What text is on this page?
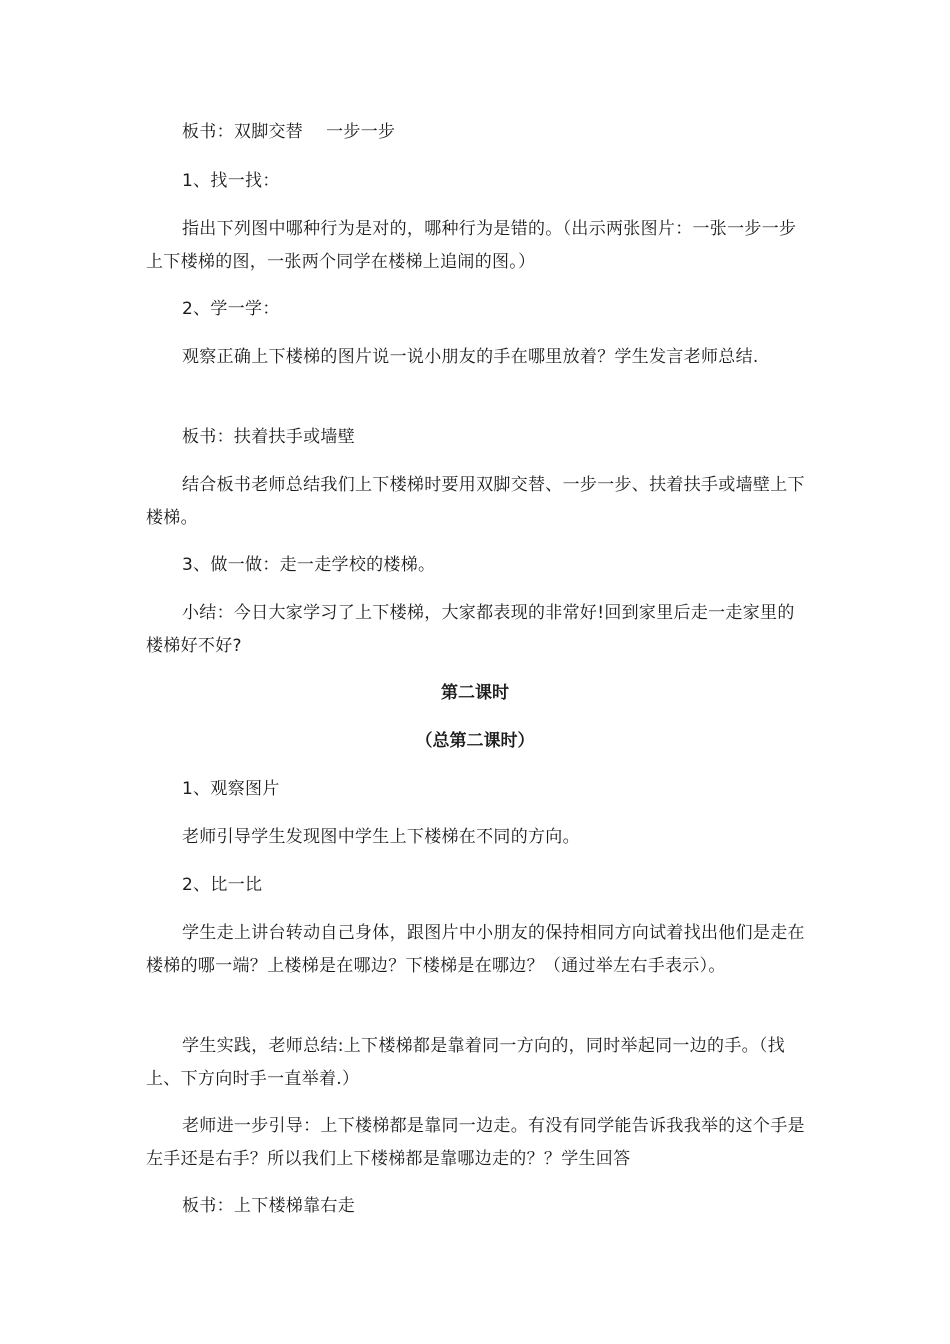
板书：双脚交替　 一步一步

1、找一找：

指出下列图中哪种行为是对的，哪种行为是错的。（出示两张图片：一张一步一步上下楼梯的图，一张两个同学在楼梯上追闹的图。）

2、学一学：

观察正确上下楼梯的图片说一说小朋友的手在哪里放着？学生发言老师总结.

板书：扶着扶手或墙壁

结合板书老师总结我们上下楼梯时要用双脚交替、一步一步、扶着扶手或墙壁上下楼梯。

3、做一做：走一走学校的楼梯。

小结：今日大家学习了上下楼梯，大家都表现的非常好!回到家里后走一走家里的楼梯好不好?

第二课时
（总第二课时）

1、观察图片

老师引导学生发现图中学生上下楼梯在不同的方向。

2、比一比

学生走上讲台转动自己身体，跟图片中小朋友的保持相同方向试着找出他们是走在楼梯的哪一端？上楼梯是在哪边？下楼梯是在哪边？（通过举左右手表示）。

学生实践，老师总结:上下楼梯都是靠着同一方向的，同时举起同一边的手。（找上、下方向时手一直举着.）

老师进一步引导：上下楼梯都是靠同一边走。有没有同学能告诉我我举的这个手是左手还是右手？所以我们上下楼梯都是靠哪边走的？？学生回答

板书：上下楼梯靠右走
